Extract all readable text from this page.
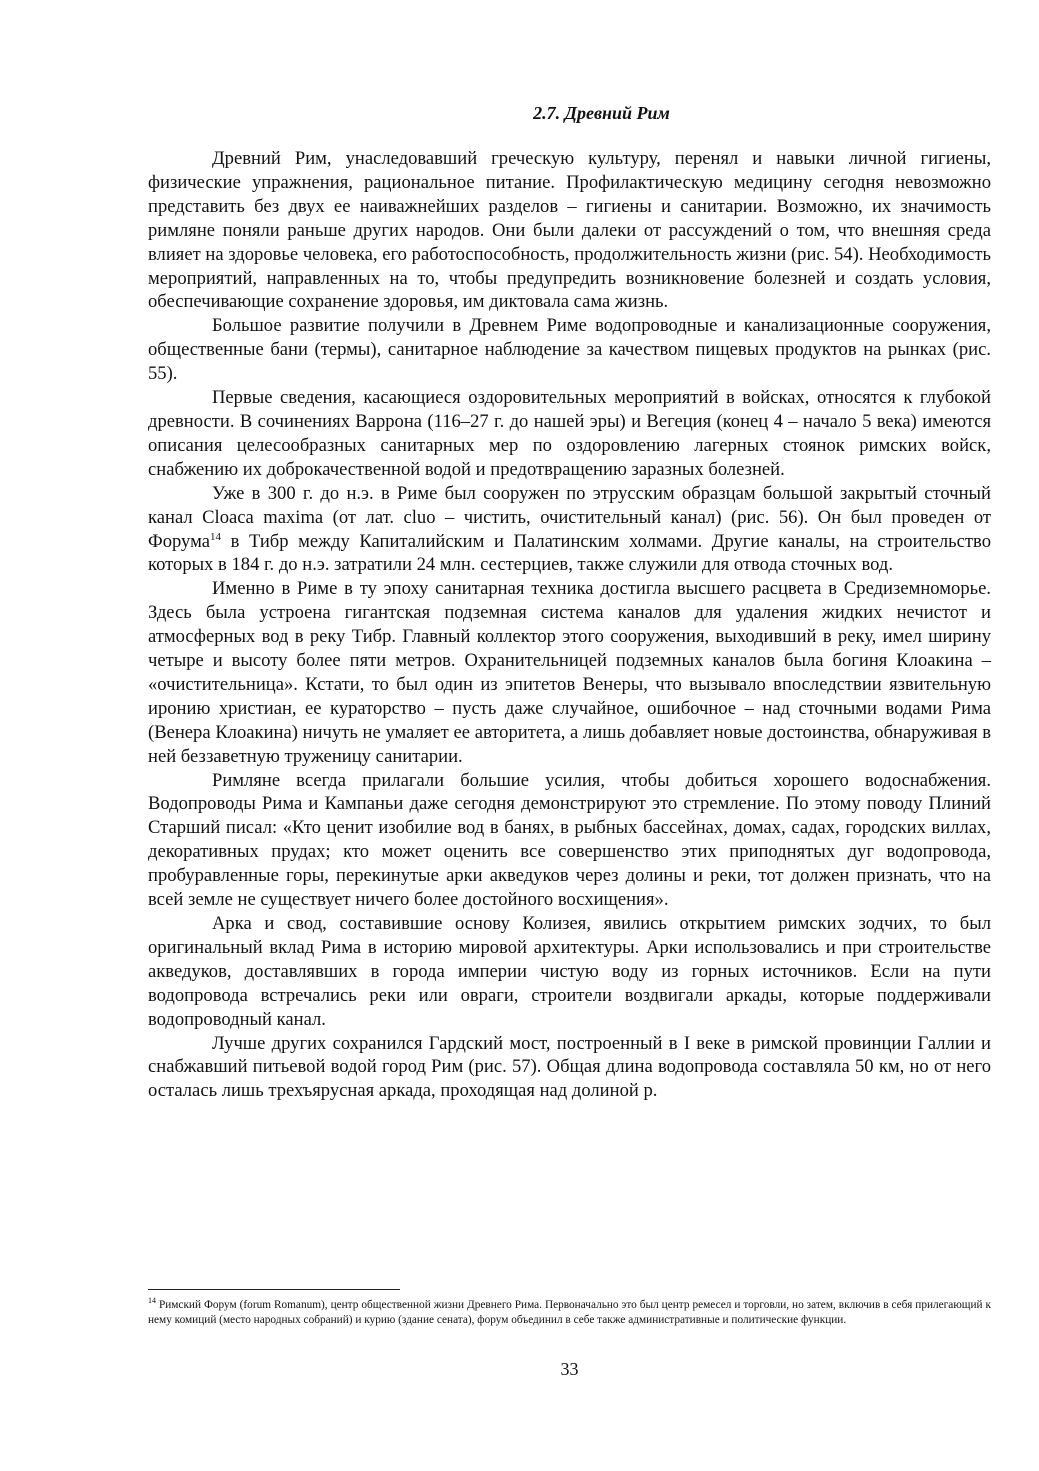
2.7. Древний Рим

Древний Рим, унаследовавший греческую культуру, перенял и навыки личной гигиены, физические упражнения, рациональное питание. Профилактическую медицину сегодня невозможно представить без двух ее наиважнейших разделов – гигиены и санитарии. Возможно, их значимость римляне поняли раньше других народов. Они были далеки от рассуждений о том, что внешняя среда влияет на здоровье человека, его работоспособность, продолжительность жизни (рис. 54). Необходимость мероприятий, направленных на то, чтобы предупредить возникновение болезней и создать условия, обеспечивающие сохранение здоровья, им диктовала сама жизнь.

Большое развитие получили в Древнем Риме водопроводные и канализационные сооружения, общественные бани (термы), санитарное наблюдение за качеством пищевых продуктов на рынках (рис. 55).

Первые сведения, касающиеся оздоровительных мероприятий в войсках, относятся к глубокой древности. В сочинениях Варрона (116–27 г. до нашей эры) и Вегеция (конец 4 – начало 5 века) имеются описания целесообразных санитарных мер по оздоровлению лагерных стоянок римских войск, снабжению их доброкачественной водой и предотвращению заразных болезней.

Уже в 300 г. до н.э. в Риме был сооружен по этрусским образцам большой закрытый сточный канал Cloaca maxima (от лат. cluo – чистить, очистительный канал) (рис. 56). Он был проведен от Форума$^{14}$ в Тибр между Капиталийским и Палатинским холмами. Другие каналы, на строительство которых в 184 г. до н.э. затратили 24 млн. сестерциев, также служили для отвода сточных вод.

Именно в Риме в ту эпоху санитарная техника достигла высшего расцвета в Средиземноморье. Здесь была устроена гигантская подземная система каналов для удаления жидких нечистот и атмосферных вод в реку Тибр. Главный коллектор этого сооружения, выходивший в реку, имел ширину четыре и высоту более пяти метров. Охранительницей подземных каналов была богиня Клоакина – «очистительница». Кстати, то был один из эпитетов Венеры, что вызывало впоследствии язвительную иронию христиан, ее кураторство – пусть даже случайное, ошибочное – над сточными водами Рима (Венера Клоакина) ничуть не умаляет ее авторитета, а лишь добавляет новые достоинства, обнаруживая в ней беззаветную труженицу санитарии.

Римляне всегда прилагали большие усилия, чтобы добиться хорошего водоснабжения. Водопроводы Рима и Кампаньи даже сегодня демонстрируют это стремление. По этому поводу Плиний Старший писал: «Кто ценит изобилие вод в банях, в рыбных бассейнах, домах, садах, городских виллах, декоративных прудах; кто может оценить все совершенство этих приподнятых дуг водопровода, пробуравленные горы, перекинутые арки акведуков через долины и реки, тот должен признать, что на всей земле не существует ничего более достойного восхищения».

Арка и свод, составившие основу Колизея, явились открытием римских зодчих, то был оригинальный вклад Рима в историю мировой архитектуры. Арки использовались и при строительстве акведуков, доставлявших в города империи чистую воду из горных источников. Если на пути водопровода встречались реки или овраги, строители воздвигали аркады, которые поддерживали водопроводный канал.

Лучше других сохранился Гардский мост, построенный в I веке в римской провинции Галлии и снабжавший питьевой водой город Рим (рис. 57). Общая длина водопровода составляла 50 км, но от него осталась лишь трехъярусная аркада, проходящая над долиной р.

$^{14}$ Римский Форум (forum Romanum), центр общественной жизни Древнего Рима. Первоначально это был центр ремесел и торговли, но затем, включив в себя прилегающий к нему комиций (место народных собраний) и курию (здание сената), форум объединил в себе также административные и политические функции.
33
